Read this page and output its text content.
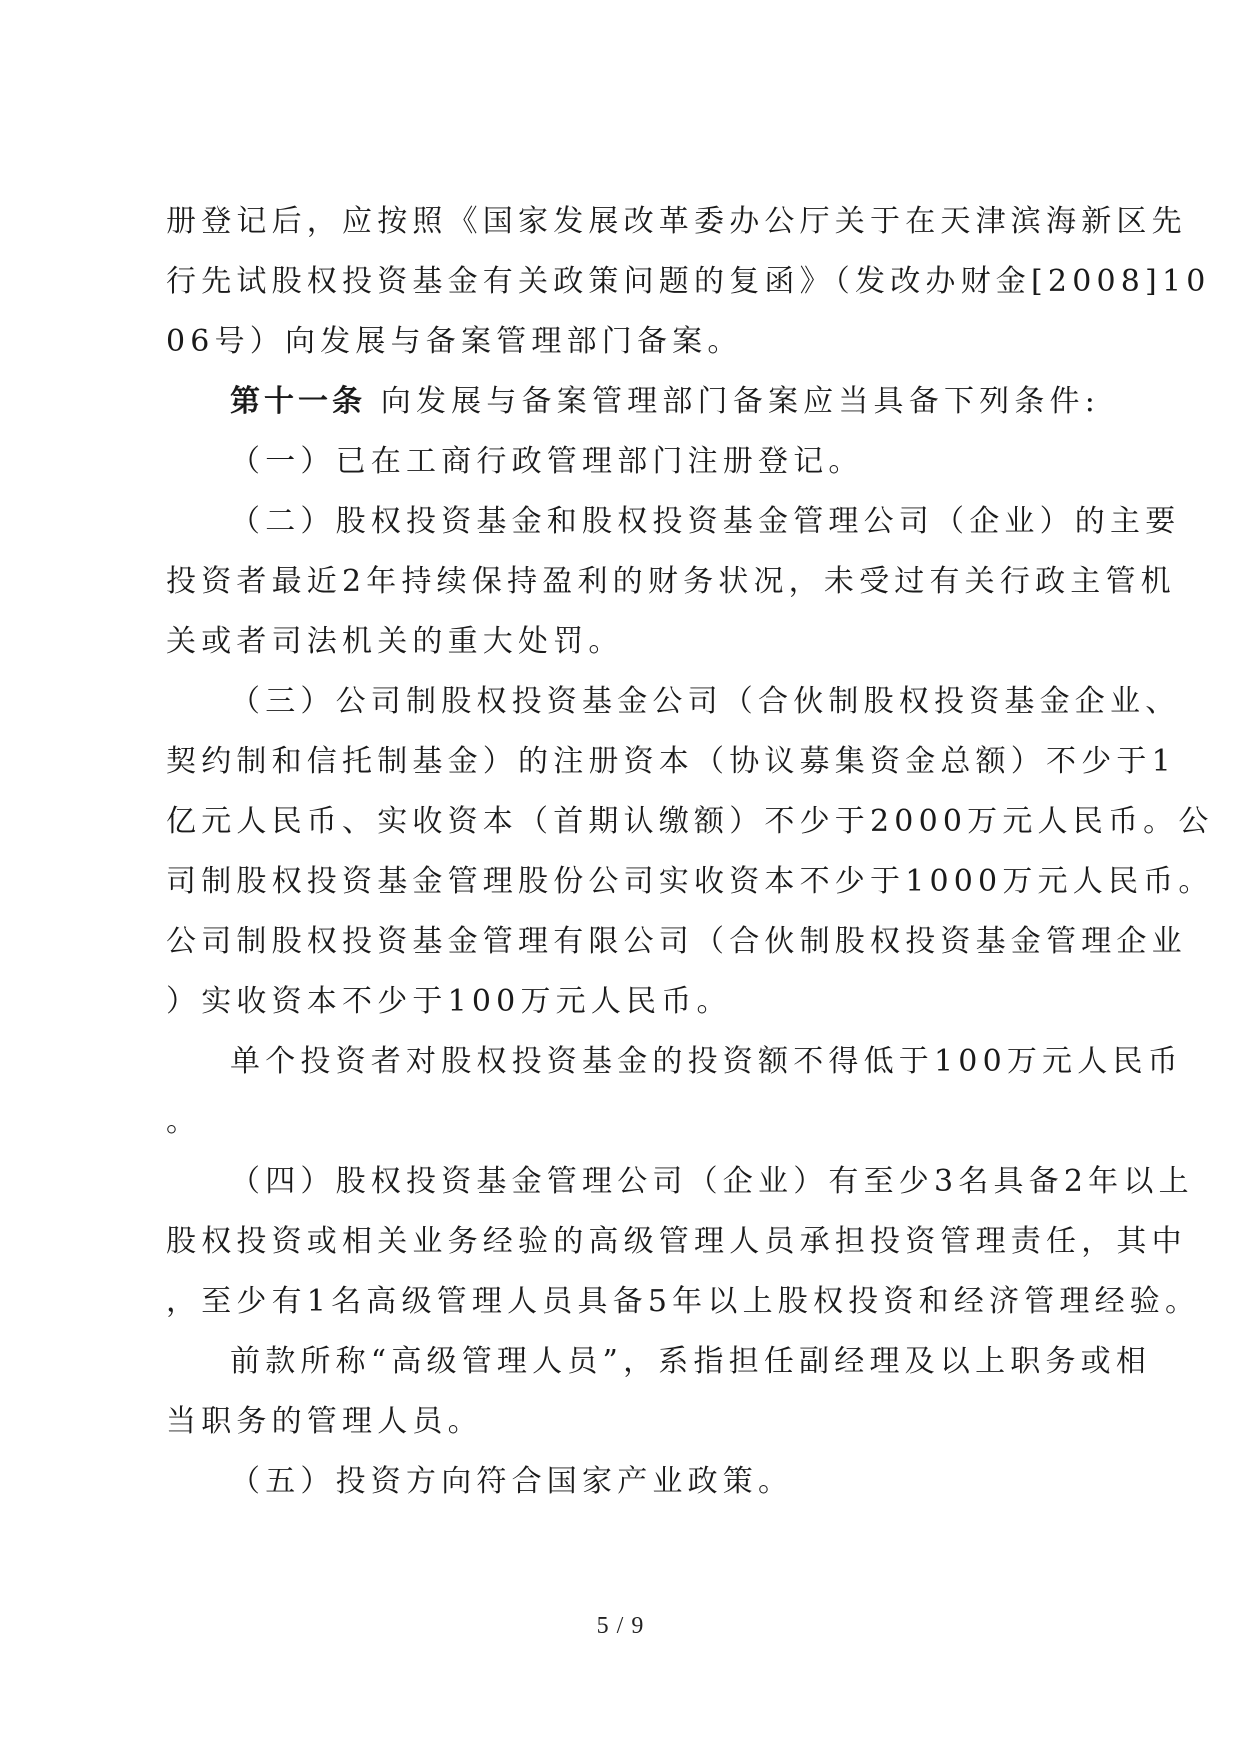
册登记后，应按照《国家发展改革委办公厅关于在天津滨海新区先
行先试股权投资基金有关政策问题的复函》（发改办财金[2008]10
06号）向发展与备案管理部门备案。
第十一条 向发展与备案管理部门备案应当具备下列条件:
（一）已在工商行政管理部门注册登记。
（二）股权投资基金和股权投资基金管理公司（企业）的主要
投资者最近2年持续保持盈利的财务状况，未受过有关行政主管机
关或者司法机关的重大处罚。
（三）公司制股权投资基金公司（合伙制股权投资基金企业、
契约制和信托制基金）的注册资本（协议募集资金总额）不少于1
亿元人民币、实收资本（首期认缴额）不少于2000万元人民币。公
司制股权投资基金管理股份公司实收资本不少于1000万元人民币。
公司制股权投资基金管理有限公司（合伙制股权投资基金管理企业
）实收资本不少于100万元人民币。
单个投资者对股权投资基金的投资额不得低于100万元人民币
。
（四）股权投资基金管理公司（企业）有至少3名具备2年以上
股权投资或相关业务经验的高级管理人员承担投资管理责任，其中
，至少有1名高级管理人员具备5年以上股权投资和经济管理经验。
前款所称“高级管理人员”，系指担任副经理及以上职务或相
当职务的管理人员。
（五）投资方向符合国家产业政策。
5 / 9
